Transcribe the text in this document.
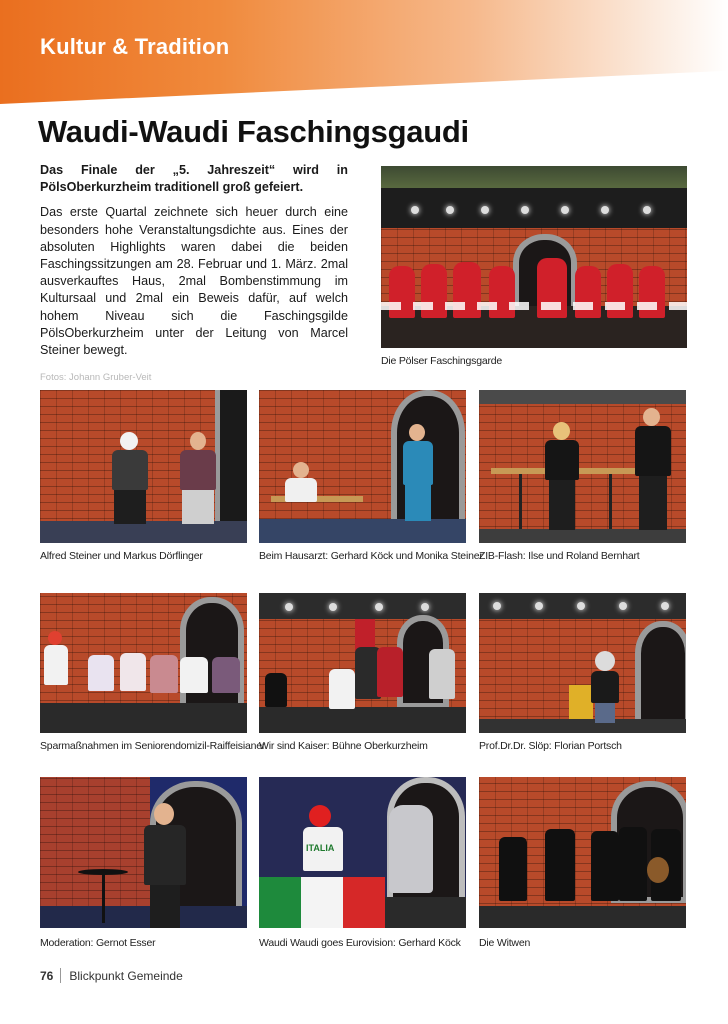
Kultur & Tradition
Waudi-Waudi Faschingsgaudi

Das Finale der „5. Jahreszeit“ wird in PölsOberkurzheim traditionell groß gefeiert.

Das erste Quartal zeichnete sich heuer durch eine besonders hohe Veranstaltungsdichte aus. Eines der absoluten Highlights waren dabei die beiden Faschingssitzungen am 28. Februar und 1. März. 2mal ausverkauftes Haus, 2mal Bombenstimmung im Kultursaal und 2mal ein Beweis dafür, auf welch hohem Niveau sich die Faschingsgilde PölsOberkurzheim unter der Leitung von Marcel Steiner bewegt.

Die Pölser Faschingsgarde
Fotos: Johann Gruber-Veit
Alfred Steiner und Markus Dörflinger	Beim Hausarzt: Gerhard Köck und Monika Steiner
ZIB-Flash: Ilse und Roland Bernhart
Sparmaßnahmen im Seniorendomizil-Raiffeisianer
Wir sind Kaiser: Bühne Oberkurzheim	Prof.Dr.Dr. Slöp: Florian Portsch
Moderation: Gernot Esser
ITALIA
Waudi Waudi goes Eurovision: Gerhard Köck Die Witwen
76 Blickpunkt Gemeinde
